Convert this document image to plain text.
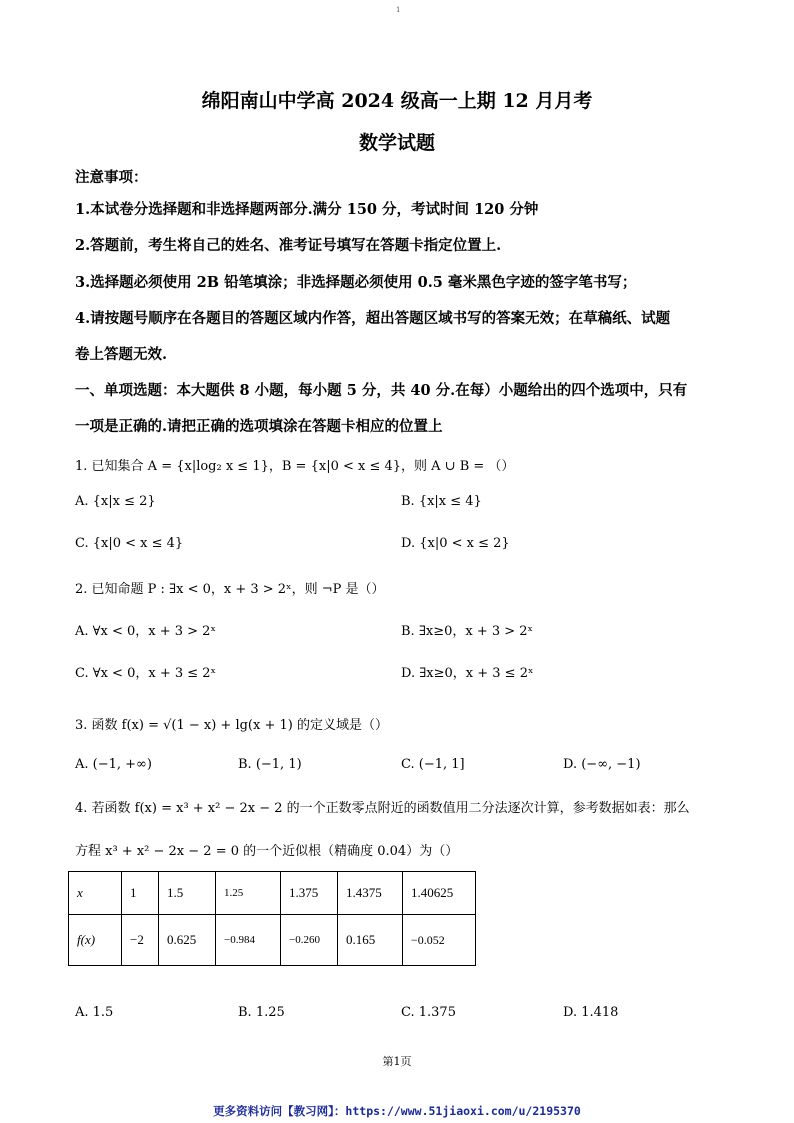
1
绵阳南山中学高 2024 级高一上期 12 月月考
数学试题
注意事项：
1.本试卷分选择题和非选择题两部分.满分 150 分，考试时间 120 分钟
2.答题前，考生将自己的姓名、准考证号填写在答题卡指定位置上.
3.选择题必须使用 2B 铅笔填涂；非选择题必须使用 0.5 毫米黑色字迹的签字笔书写；
4.请按题号顺序在各题目的答题区域内作答，超出答题区域书写的答案无效；在草稿纸、试题
卷上答题无效.
一、单项选题：本大题供 8 小题，每小题 5 分，共 40 分.在每）小题给出的四个选项中，只有
一项是正确的.请把正确的选项填涂在答题卡相应的位置上
1. 已知集合 A = {x|log₂ x ≤ 1}，B = {x|0 < x ≤ 4}，则 A ∪ B = （）
A. {x|x ≤ 2}	B. {x|x ≤ 4}
C. {x|0 < x ≤ 4}	D. {x|0 < x ≤ 2}
2. 已知命题 P : ∃x < 0，x + 3 > 2ˣ，则 ¬P 是（）
A. ∀x < 0，x + 3 > 2ˣ	B. ∃x≥0，x + 3 > 2ˣ
C. ∀x < 0，x + 3 ≤ 2ˣ	D. ∃x≥0，x + 3 ≤ 2ˣ
3. 函数 f(x) = √(1 − x) + lg(x + 1) 的定义域是（）
A. (−1, +∞)	B. (−1, 1)	C. (−1, 1]	D. (−∞, −1)
4. 若函数 f(x) = x³ + x² − 2x − 2 的一个正数零点附近的函数值用二分法逐次计算，参考数据如表：那么
方程 x³ + x² − 2x − 2 = 0 的一个近似根（精确度 0.04）为（）
x	1	1.5	1.25	1.375	1.4375	1.40625
f(x)	−2	0.625	−0.984	−0.260	0.165	−0.052
A. 1.5	B. 1.25	C. 1.375	D. 1.418
第1页
更多资料访问【教习网】：https://www.51jiaoxi.com/u/2195370
